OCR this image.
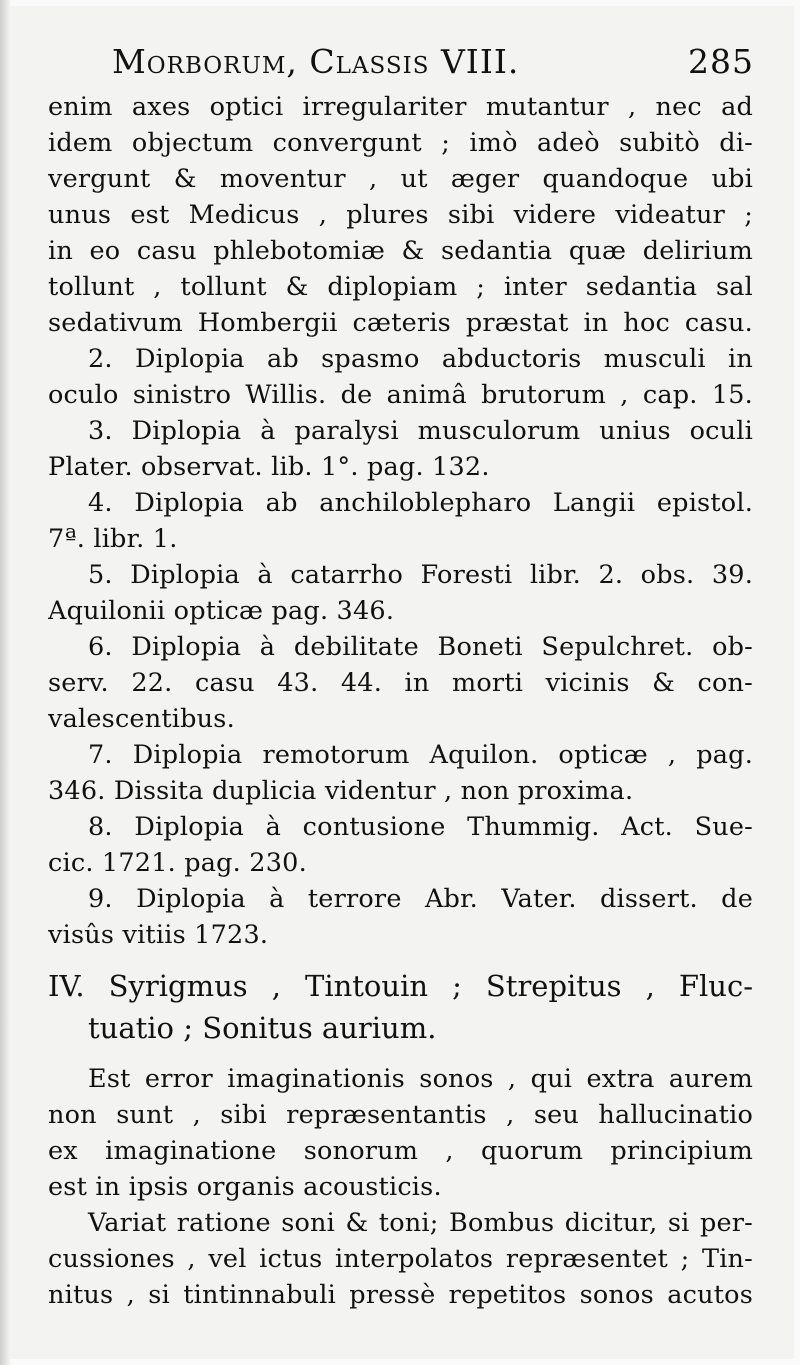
Morborum, Classis VIII.	285
enim axes optici irregulariter mutantur , nec ad
idem objectum convergunt ; imò adeò subitò di-
vergunt & moventur , ut æger quandoque ubi
unus est Medicus , plures sibi videre videatur ;
in eo casu phlebotomiæ & sedantia quæ delirium
tollunt , tollunt & diplopiam ; inter sedantia sal
sedativum Hombergii cæteris præstat in hoc casu.
2. Diplopia ab spasmo abductoris musculi in
oculo sinistro Willis. de animâ brutorum , cap. 15.
3. Diplopia à paralysi musculorum unius oculi
Plater. observat. lib. 1°. pag. 132.
4. Diplopia ab anchiloblepharo Langii epistol.
7ª. libr. 1.
5. Diplopia à catarrho Foresti libr. 2. obs. 39.
Aquilonii opticæ pag. 346.
6. Diplopia à debilitate Boneti Sepulchret. ob-
serv. 22. casu 43. 44. in morti vicinis & con-
valescentibus.
7. Diplopia remotorum Aquilon. opticæ , pag.
346. Dissita duplicia videntur , non proxima.
8. Diplopia à contusione Thummig. Act. Sue-
cic. 1721. pag. 230.
9. Diplopia à terrore Abr. Vater. dissert. de
visûs vitiis 1723.
IV. Syrigmus , Tintouin ; Strepitus , Fluc-
tuatio ; Sonitus aurium.
Est error imaginationis sonos , qui extra aurem
non sunt , sibi repræsentantis , seu hallucinatio
ex imaginatione sonorum , quorum principium
est in ipsis organis acousticis.
Variat ratione soni & toni; Bombus dicitur, si per-
cussiones , vel ictus interpolatos repræsentet ; Tin-
nitus , si tintinnabuli pressè repetitos sonos acutos
